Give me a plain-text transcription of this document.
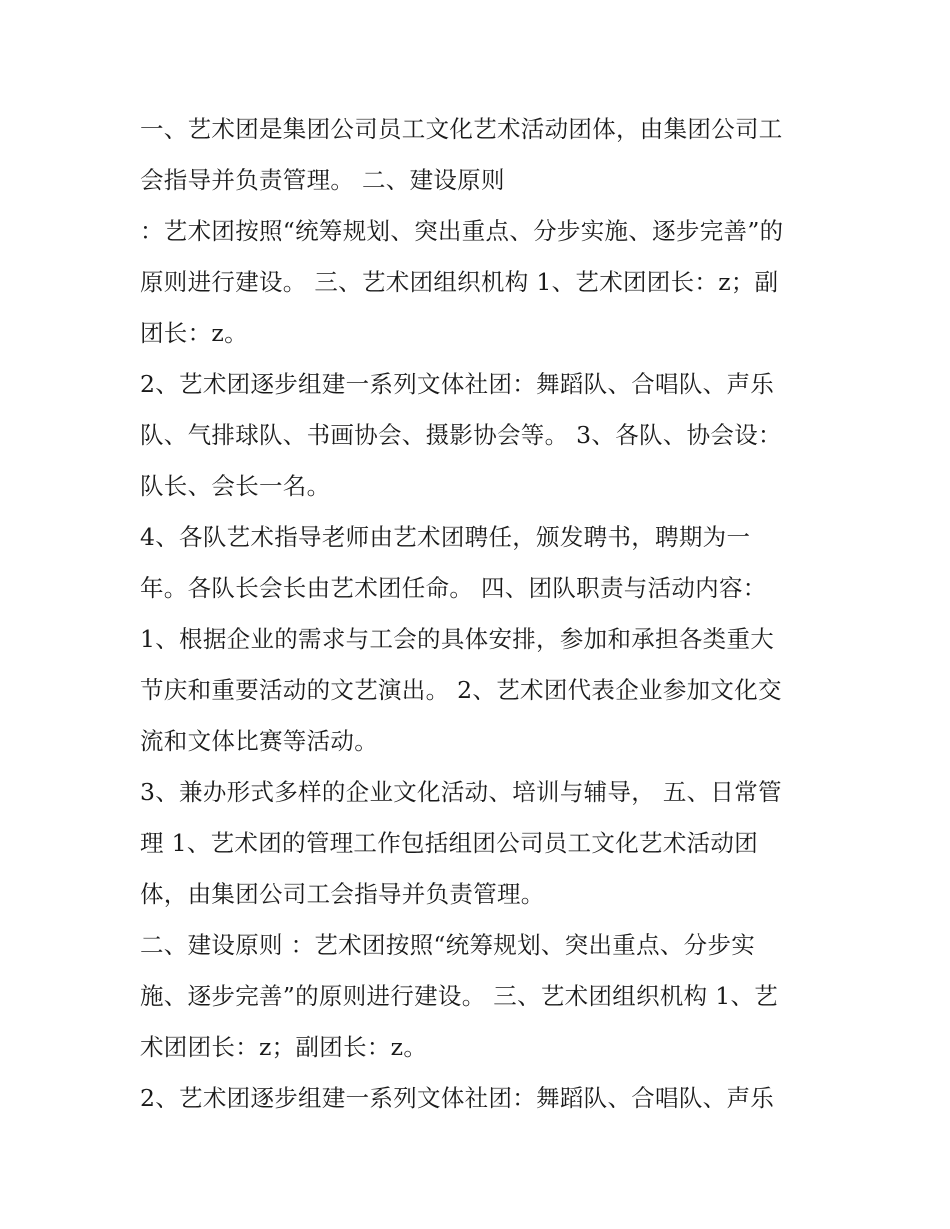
一、艺术团是集团公司员工文化艺术活动团体，由集团公司工
会指导并负责管理。 二、建设原则
：艺术团按照“统筹规划、突出重点、分步实施、逐步完善”的
原则进行建设。 三、艺术团组织机构 1、艺术团团长：z；副
团长：z。
2、艺术团逐步组建一系列文体社团：舞蹈队、合唱队、声乐
队、气排球队、书画协会、摄影协会等。 3、各队、协会设：
队长、会长一名。
4、各队艺术指导老师由艺术团聘任，颁发聘书，聘期为一
年。各队长会长由艺术团任命。 四、团队职责与活动内容：
1、根据企业的需求与工会的具体安排，参加和承担各类重大
节庆和重要活动的文艺演出。 2、艺术团代表企业参加文化交
流和文体比赛等活动。
3、兼办形式多样的企业文化活动、培训与辅导， 五、日常管
理 1、艺术团的管理工作包括组团公司员工文化艺术活动团
体，由集团公司工会指导并负责管理。
二、建设原则 ：艺术团按照“统筹规划、突出重点、分步实
施、逐步完善”的原则进行建设。 三、艺术团组织机构 1、艺
术团团长：z；副团长：z。
2、艺术团逐步组建一系列文体社团：舞蹈队、合唱队、声乐
